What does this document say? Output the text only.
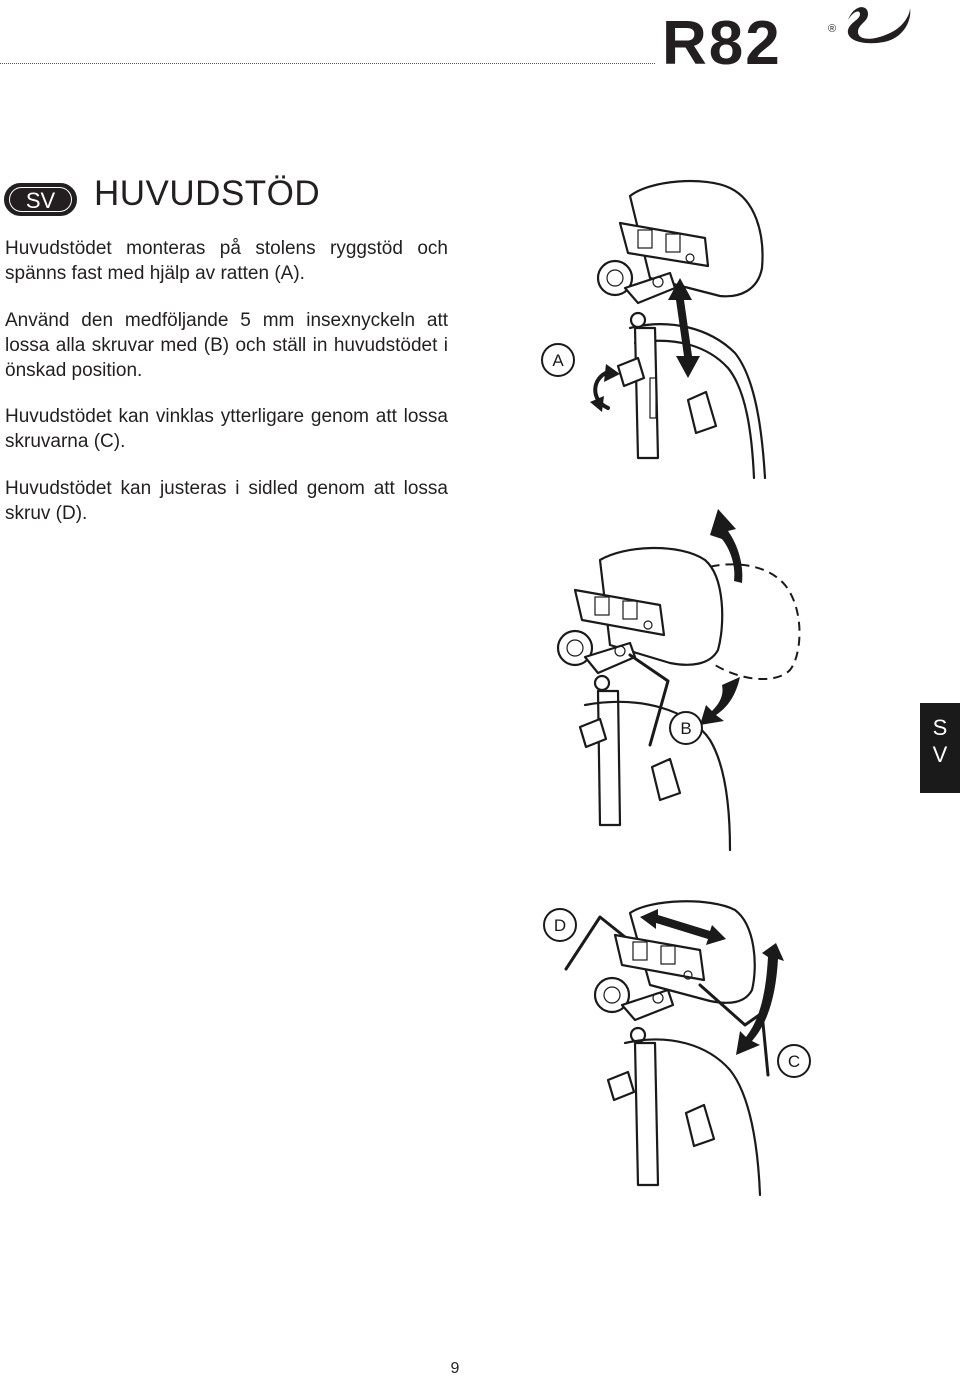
R82	®
SV	HUVUDSTÖD

Huvudstödet monteras på stolens ryggstöd och spänns fast med hjälp av ratten (A).

Använd den medföljande 5 mm insexnyckeln att lossa alla skruvar med (B) och ställ in huvudstödet i önskad position.

Huvudstödet kan vinklas ytterligare genom att lossa skruvarna (C).

Huvudstödet kan justeras i sidled genom att lossa skruv (D).

A
B
D
C
S
V
9
